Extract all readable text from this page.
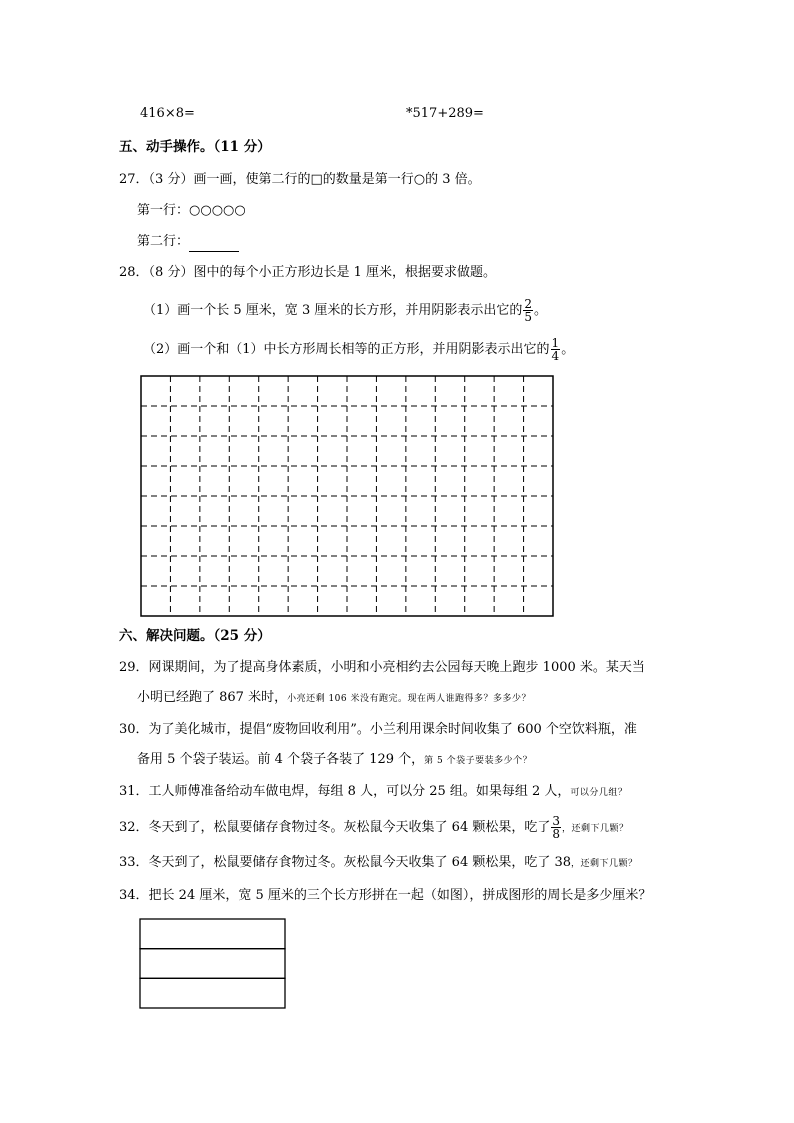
416×8=	*517+289=
五、动手操作。（11 分）
27．（3 分）画一画，使第二行的□的数量是第一行○的 3 倍。
第一行：○○○○○
第二行：
28．（8 分）图中的每个小正方形边长是 1 厘米，根据要求做题。
（1）画一个长 5 厘米，宽 3 厘米的长方形，并用阴影表示出它的 $\frac{2}{5}$ 。
（2）画一个和（1）中长方形周长相等的正方形，并用阴影表示出它的 $\frac{1}{4}$ 。
六、解决问题。（25 分）
29．网课期间，为了提高身体素质，小明和小亮相约去公园每天晚上跑步 1000 米。某天当
小明已经跑了 867 米时，小亮还剩 106 米没有跑完。现在两人谁跑得多？多多少？
30．为了美化城市，提倡“废物回收利用”。小兰利用课余时间收集了 600 个空饮料瓶，准
备用 5 个袋子装运。前 4 个袋子各装了 129 个，第 5 个袋子要装多少个？
31．工人师傅准备给动车做电焊，每组 8 人，可以分 25 组。如果每组 2 人，可以分几组？
32．冬天到了，松鼠要储存食物过冬。灰松鼠今天收集了 64 颗松果，吃了 $\frac{3}{8}$ ，还剩下几颗？
33．冬天到了，松鼠要储存食物过冬。灰松鼠今天收集了 64 颗松果，吃了 38，还剩下几颗？
34．把长 24 厘米，宽 5 厘米的三个长方形拼在一起（如图），拼成图形的周长是多少厘米？
